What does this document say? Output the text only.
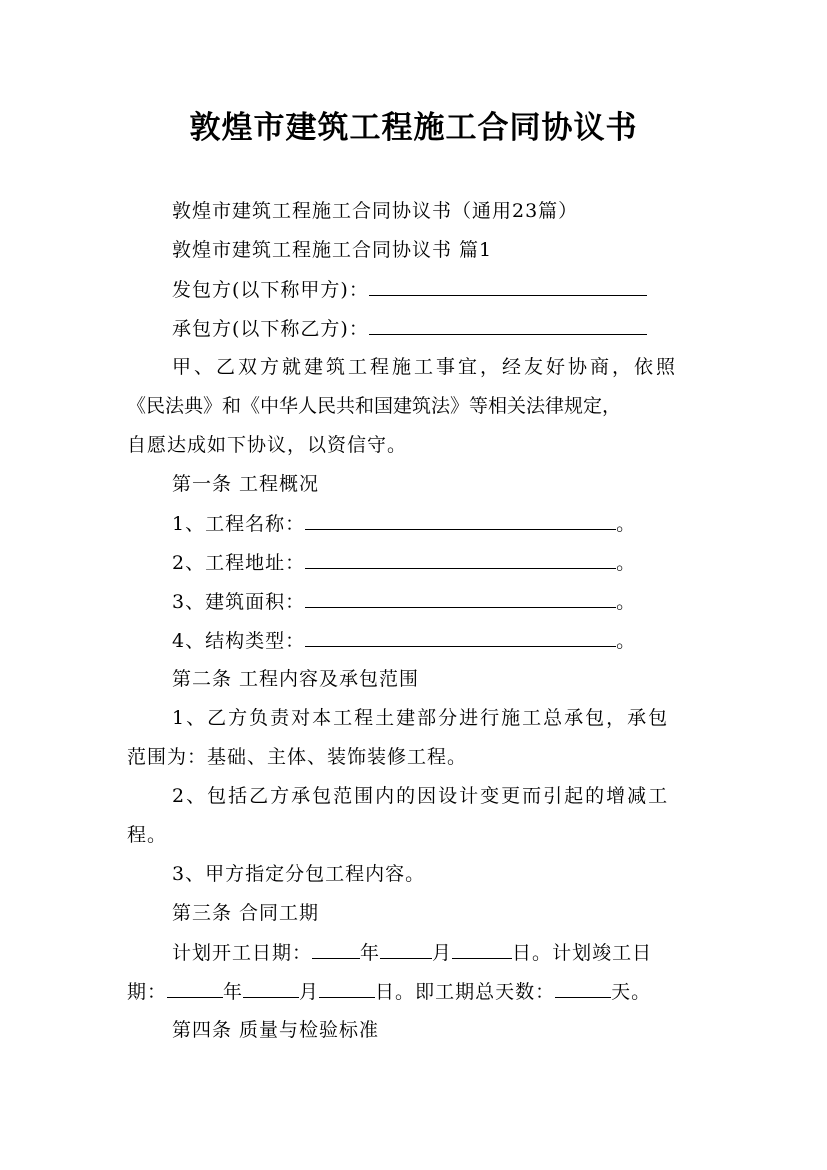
敦煌市建筑工程施工合同协议书
敦煌市建筑工程施工合同协议书（通用23篇）
敦煌市建筑工程施工合同协议书 篇1
发包方(以下称甲方)：
承包方(以下称乙方)：
甲、乙双方就建筑工程施工事宜，经友好协商，依照
《民法典》和《中华人民共和国建筑法》等相关法律规定，
自愿达成如下协议，以资信守。
第一条 工程概况
1、工程名称：	。
2、工程地址：	。
3、建筑面积：	。
4、结构类型：	。
第二条 工程内容及承包范围
1、乙方负责对本工程土建部分进行施工总承包，承包
范围为：基础、主体、装饰装修工程。
2、包括乙方承包范围内的因设计变更而引起的增减工
程。
3、甲方指定分包工程内容。
第三条 合同工期
计划开工日期：	年	月	日。计划竣工日
期：	年	月	日。即工期总天数：	天。
第四条 质量与检验标准
